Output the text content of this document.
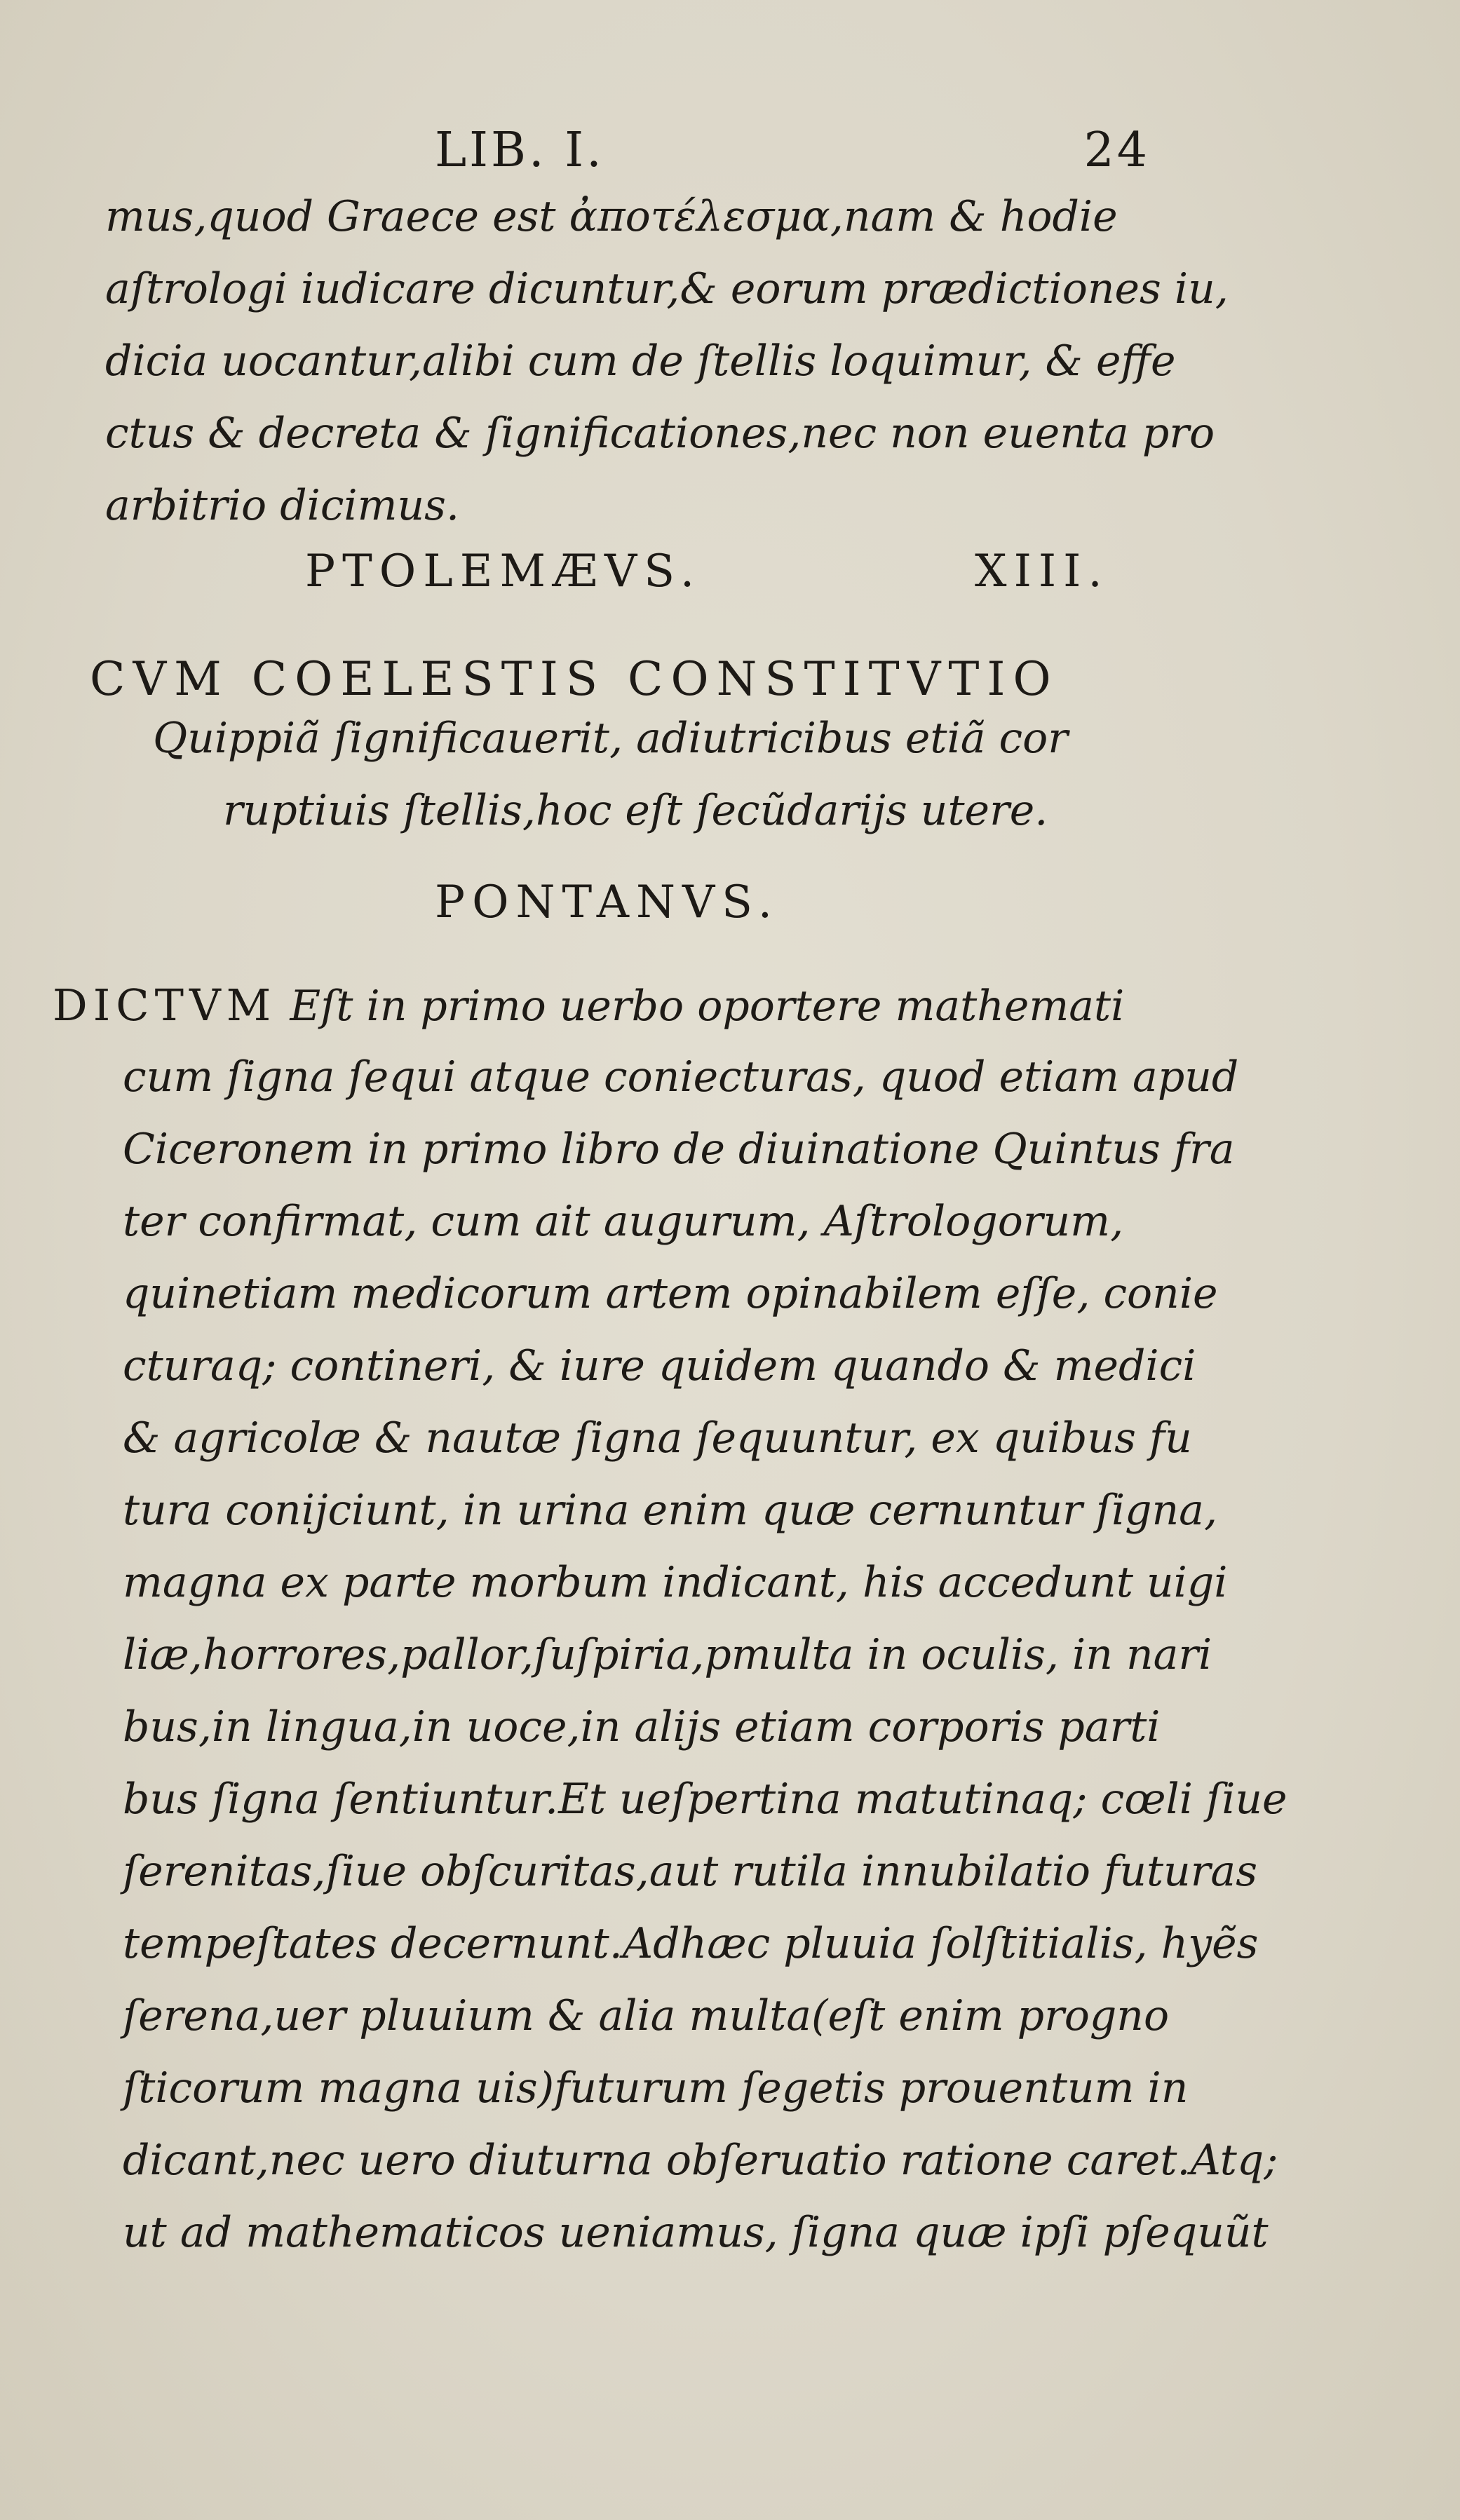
LIB. I.	24
mus,quod Graece est ἀποτέλεσμα,nam & hodie
aſtrologi iudicare dicuntur,& eorum prædictiones iu,
dicia uocantur,alibi cum de ſtellis loquimur, & effe
ctus & decreta & ſignificationes,nec non euenta pro
arbitrio dicimus.
PTOLEMÆVS.	XIII.
CVM COELESTIS CONSTITVTIO
Quippiã ſignificauerit, adiutricibus etiã cor
ruptiuis ſtellis,hoc eſt ſecũdarijs utere.
PONTANVS.
DICTVM Eſt in primo uerbo oportere mathemati
cum ſigna ſequi atque coniecturas, quod etiam apud
Ciceronem in primo libro de diuinatione Quintus fra
ter confirmat, cum ait augurum, Aſtrologorum,
quinetiam medicorum artem opinabilem eſſe, conie
cturaq; contineri, & iure quidem quando & medici
& agricolæ & nautæ ſigna ſequuntur, ex quibus fu
tura conijciunt, in urina enim quæ cernuntur ſigna,
magna ex parte morbum indicant, his accedunt uigi
liæ,horrores,pallor,ſuſpiria,pmulta in oculis, in nari
bus,in lingua,in uoce,in alijs etiam corporis parti
bus ſigna ſentiuntur.Et ueſpertina matutinaq; cœli ſiue
ſerenitas,ſiue obſcuritas,aut rutila innubilatio futuras
tempeſtates decernunt.Adhæc pluuia ſolſtitialis, hyẽs
ſerena,uer pluuium & alia multa(eſt enim progno
ſticorum magna uis)futurum ſegetis prouentum in
dicant,nec uero diuturna obſeruatio ratione caret.Atq;
ut ad mathematicos ueniamus, ſigna quæ ipſi pſequũt
